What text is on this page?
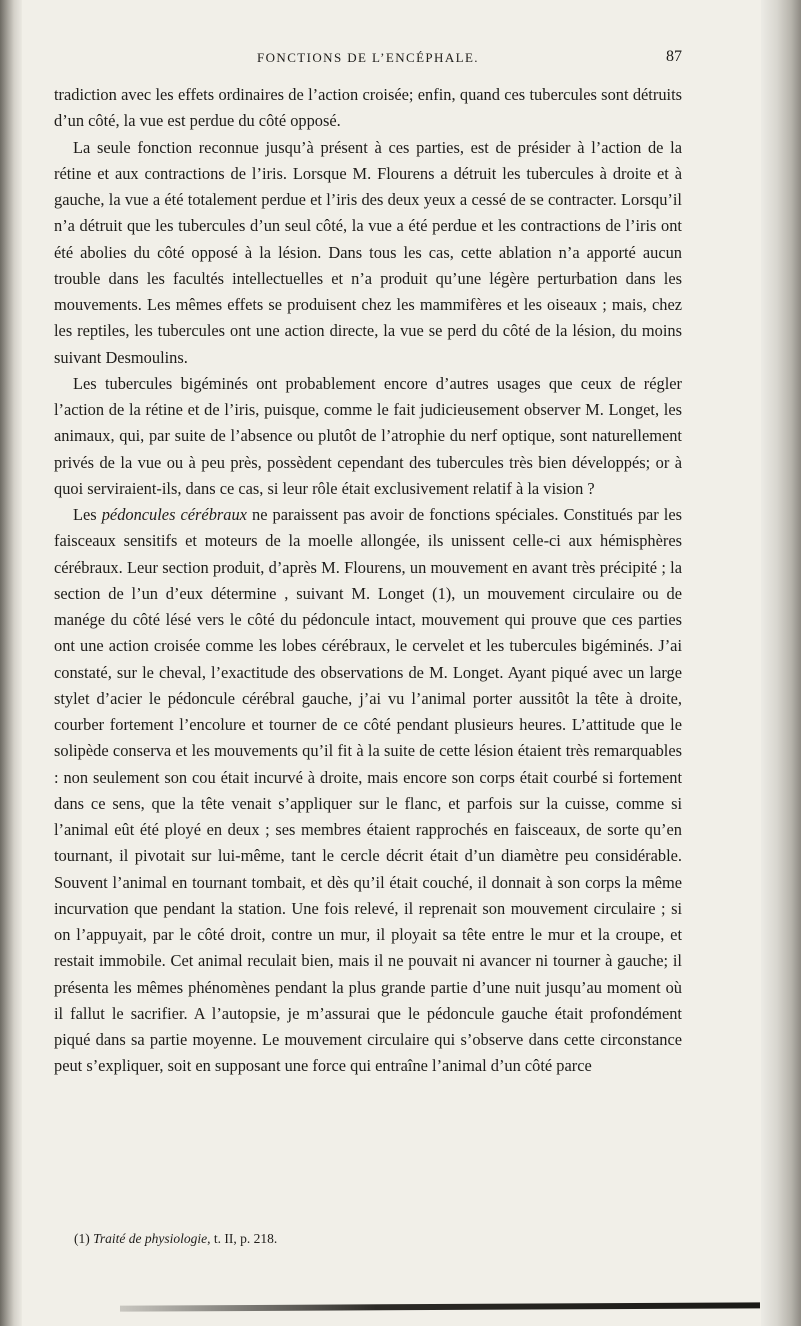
FONCTIONS DE L’ENCÉPHALE.	87

tradiction avec les effets ordinaires de l’action croisée; enfin, quand ces tubercules sont détruits d’un côté, la vue est perdue du côté opposé.

La seule fonction reconnue jusqu’à présent à ces parties, est de présider à l’action de la rétine et aux contractions de l’iris. Lorsque M. Flourens a détruit les tubercules à droite et à gauche, la vue a été totalement perdue et l’iris des deux yeux a cessé de se contracter. Lorsqu’il n’a détruit que les tubercules d’un seul côté, la vue a été perdue et les contractions de l’iris ont été abolies du côté opposé à la lésion. Dans tous les cas, cette ablation n’a apporté aucun trouble dans les facultés intellectuelles et n’a produit qu’une légère perturbation dans les mouvements. Les mêmes effets se produisent chez les mammifères et les oiseaux ; mais, chez les reptiles, les tubercules ont une action directe, la vue se perd du côté de la lésion, du moins suivant Desmoulins.

Les tubercules bigéminés ont probablement encore d’autres usages que ceux de régler l’action de la rétine et de l’iris, puisque, comme le fait judicieusement observer M. Longet, les animaux, qui, par suite de l’absence ou plutôt de l’atrophie du nerf optique, sont naturellement privés de la vue ou à peu près, possèdent cependant des tubercules très bien développés; or à quoi serviraient-ils, dans ce cas, si leur rôle était exclusivement relatif à la vision ?

Les pédoncules cérébraux ne paraissent pas avoir de fonctions spéciales. Constitués par les faisceaux sensitifs et moteurs de la moelle allongée, ils unissent celle-ci aux hémisphères cérébraux. Leur section produit, d’après M. Flourens, un mouvement en avant très précipité ; la section de l’un d’eux détermine , suivant M. Longet (1), un mouvement circulaire ou de manége du côté lésé vers le côté du pédoncule intact, mouvement qui prouve que ces parties ont une action croisée comme les lobes cérébraux, le cervelet et les tubercules bigéminés. J’ai constaté, sur le cheval, l’exactitude des observations de M. Longet. Ayant piqué avec un large stylet d’acier le pédoncule cérébral gauche, j’ai vu l’animal porter aussitôt la tête à droite, courber fortement l’encolure et tourner de ce côté pendant plusieurs heures. L’attitude que le solipède conserva et les mouvements qu’il fit à la suite de cette lésion étaient très remarquables : non seulement son cou était incurvé à droite, mais encore son corps était courbé si fortement dans ce sens, que la tête venait s’appliquer sur le flanc, et parfois sur la cuisse, comme si l’animal eût été ployé en deux ; ses membres étaient rapprochés en faisceaux, de sorte qu’en tournant, il pivotait sur lui-même, tant le cercle décrit était d’un diamètre peu considérable. Souvent l’animal en tournant tombait, et dès qu’il était couché, il donnait à son corps la même incurvation que pendant la station. Une fois relevé, il reprenait son mouvement circulaire ; si on l’appuyait, par le côté droit, contre un mur, il ployait sa tête entre le mur et la croupe, et restait immobile. Cet animal reculait bien, mais il ne pouvait ni avancer ni tourner à gauche; il présenta les mêmes phénomènes pendant la plus grande partie d’une nuit jusqu’au moment où il fallut le sacrifier. A l’autopsie, je m’assurai que le pédoncule gauche était profondément piqué dans sa partie moyenne. Le mouvement circulaire qui s’observe dans cette circonstance peut s’expliquer, soit en supposant une force qui entraîne l’animal d’un côté parce

(1) Traité de physiologie, t. II, p. 218.
